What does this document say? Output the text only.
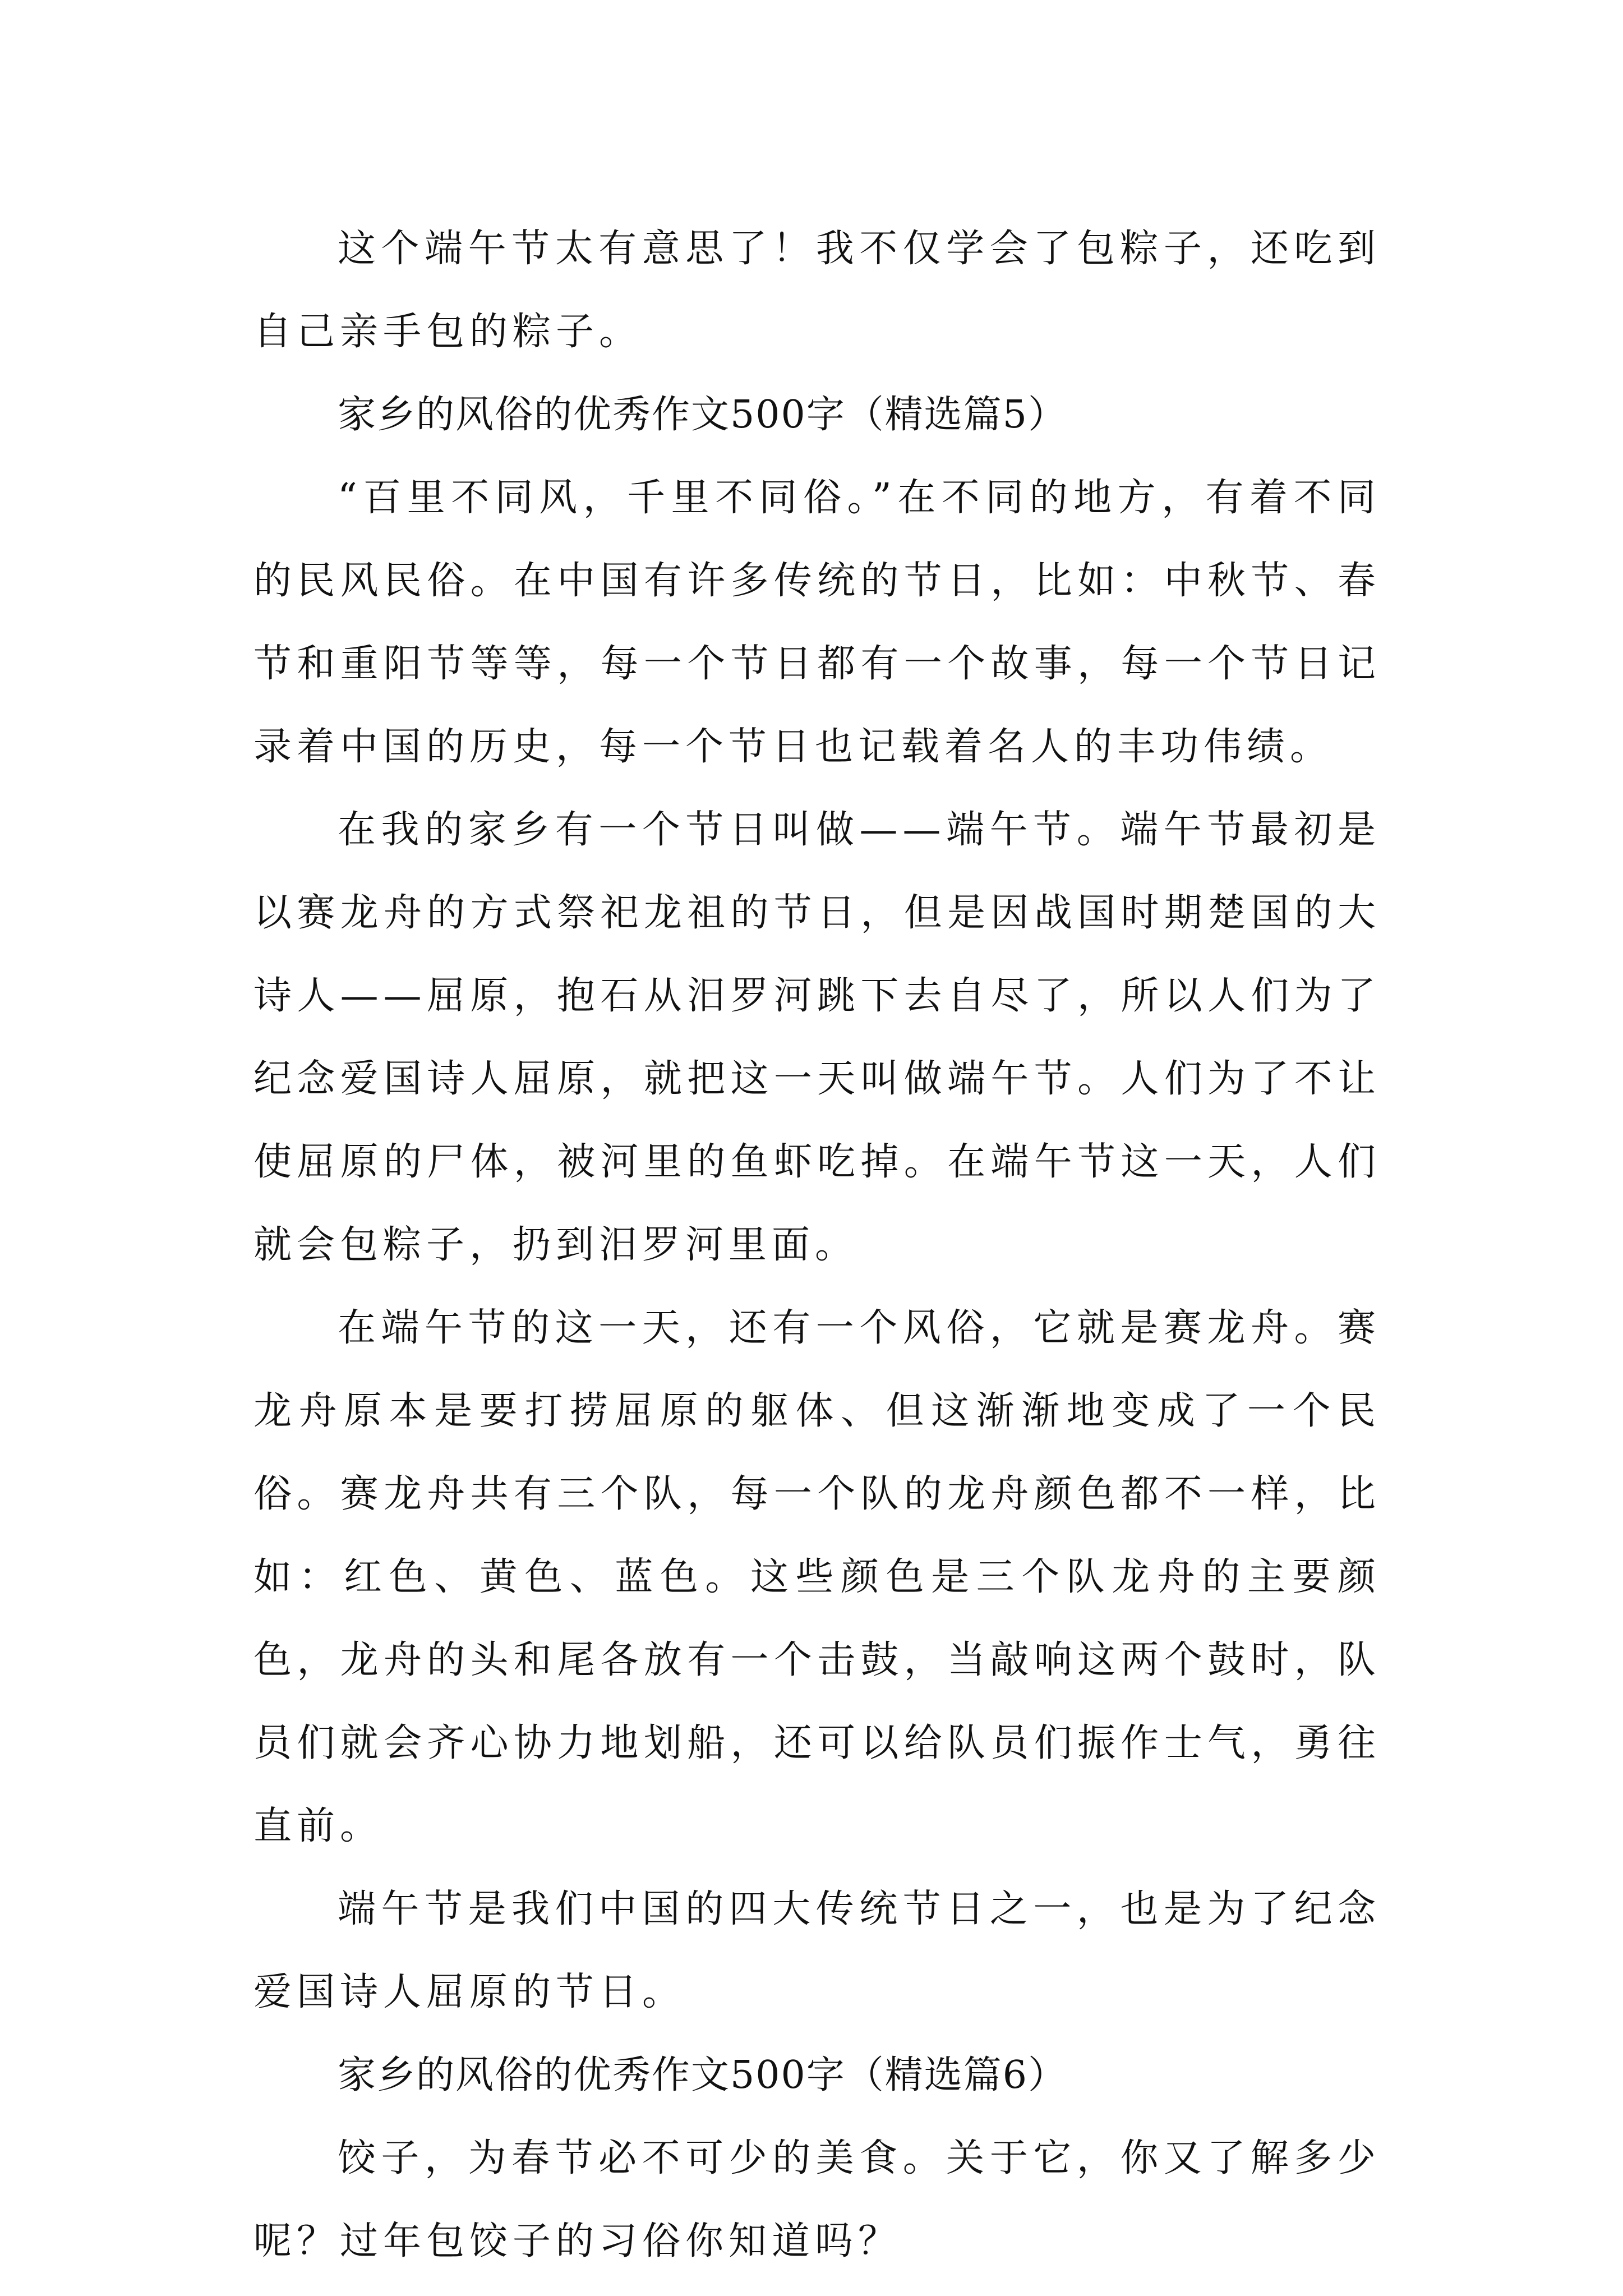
这个端午节太有意思了！我不仅学会了包粽子，还吃到自己亲手包的粽子。

家乡的风俗的优秀作文500字（精选篇5）

“百里不同风，千里不同俗。”在不同的地方，有着不同的民风民俗。在中国有许多传统的节日，比如：中秋节、春节和重阳节等等，每一个节日都有一个故事，每一个节日记录着中国的历史，每一个节日也记载着名人的丰功伟绩。

在我的家乡有一个节日叫做——端午节。端午节最初是以赛龙舟的方式祭祀龙祖的节日，但是因战国时期楚国的大诗人——屈原，抱石从汨罗河跳下去自尽了，所以人们为了纪念爱国诗人屈原，就把这一天叫做端午节。人们为了不让使屈原的尸体，被河里的鱼虾吃掉。在端午节这一天，人们就会包粽子，扔到汨罗河里面。

在端午节的这一天，还有一个风俗，它就是赛龙舟。赛龙舟原本是要打捞屈原的躯体、但这渐渐地变成了一个民俗。赛龙舟共有三个队，每一个队的龙舟颜色都不一样，比如：红色、黄色、蓝色。这些颜色是三个队龙舟的主要颜色，龙舟的头和尾各放有一个击鼓，当敲响这两个鼓时，队员们就会齐心协力地划船，还可以给队员们振作士气，勇往直前。

端午节是我们中国的四大传统节日之一，也是为了纪念爱国诗人屈原的节日。

家乡的风俗的优秀作文500字（精选篇6）

饺子，为春节必不可少的美食。关于它，你又了解多少呢？过年包饺子的习俗你知道吗？
